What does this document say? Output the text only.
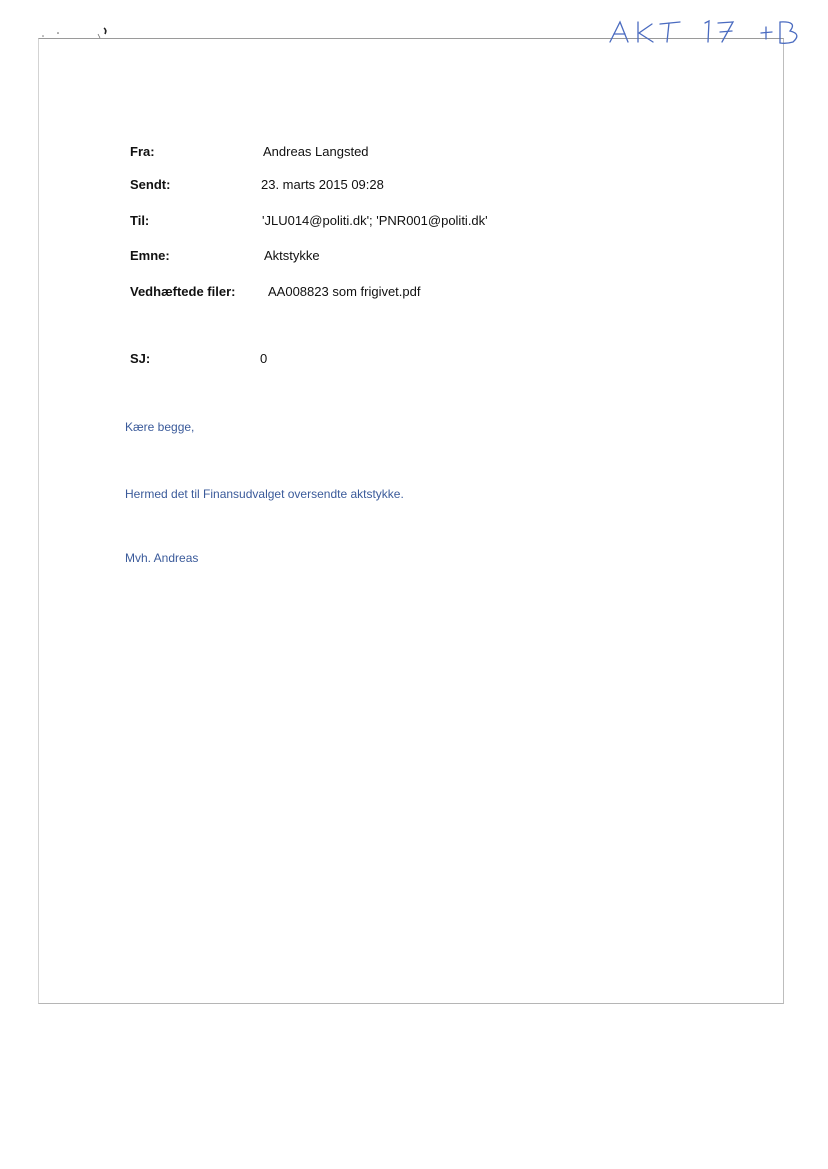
Fra:	Andreas Langsted
Sendt:	23. marts 2015 09:28
Til:	'JLU014@politi.dk'; 'PNR001@politi.dk'
Emne:	Aktstykke
Vedhæftede filer:	AA008823 som frigivet.pdf
SJ:	0
Kære begge,
Hermed det til Finansudvalget oversendte aktstykke.
Mvh. Andreas
